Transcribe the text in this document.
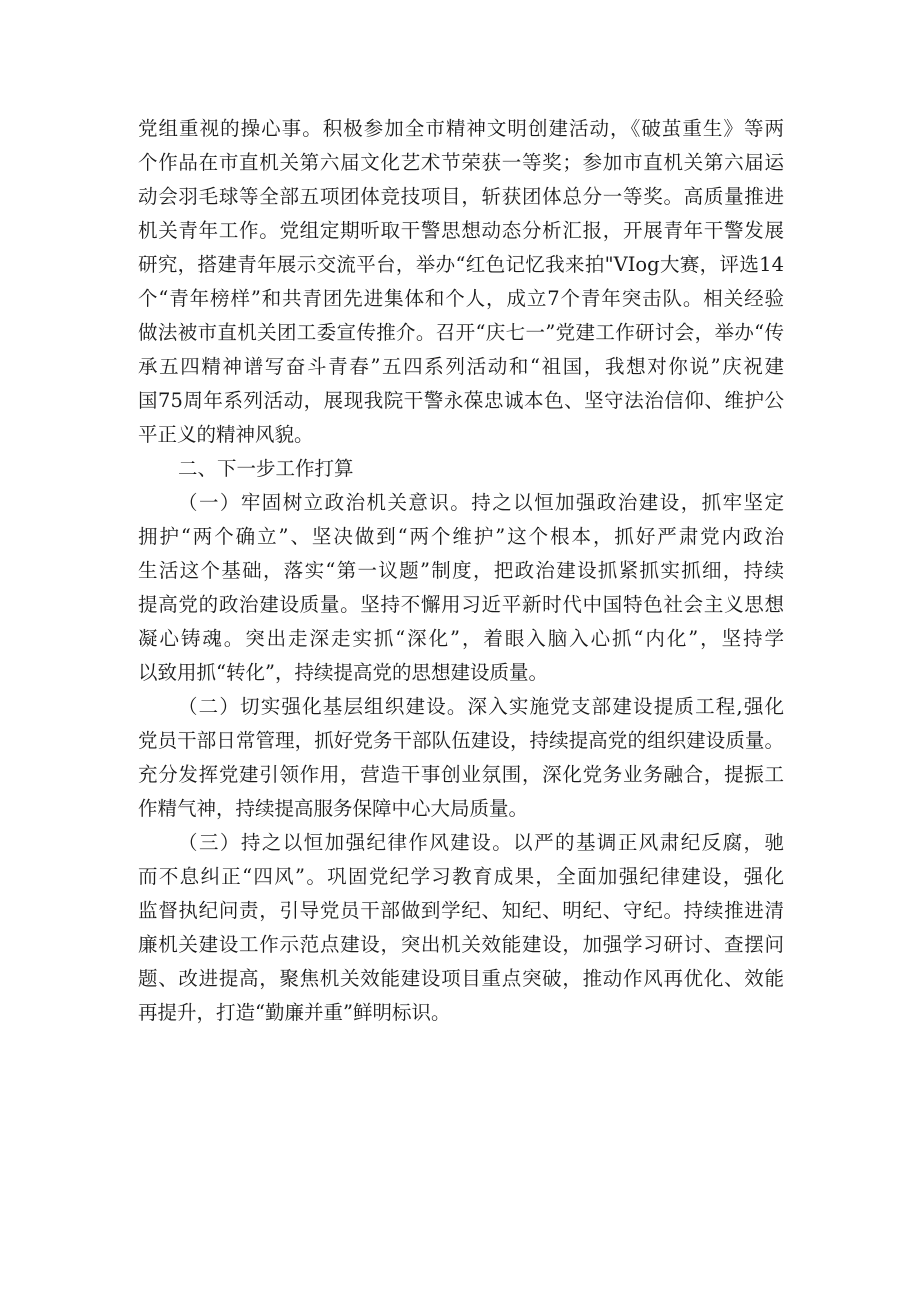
党组重视的操心事。积极参加全市精神文明创建活动，《破茧重生》等两
个作品在市直机关第六届文化艺术节荣获一等奖；参加市直机关第六届运
动会羽毛球等全部五项团体竞技项目，斩获团体总分一等奖。高质量推进
机关青年工作。党组定期听取干警思想动态分析汇报，开展青年干警发展
研究，搭建青年展示交流平台，举办“红色记忆我来拍"VIog大赛，评选14
个“青年榜样”和共青团先进集体和个人，成立7个青年突击队。相关经验
做法被市直机关团工委宣传推介。召开“庆七一”党建工作研讨会，举办“传
承五四精神谱写奋斗青春”五四系列活动和“祖国，我想对你说”庆祝建
国75周年系列活动，展现我院干警永葆忠诚本色、坚守法治信仰、维护公
平正义的精神风貌。
二、下一步工作打算
（一）牢固树立政治机关意识。持之以恒加强政治建设，抓牢坚定
拥护“两个确立”、坚决做到“两个维护”这个根本，抓好严肃党内政治
生活这个基础，落实“第一议题”制度，把政治建设抓紧抓实抓细，持续
提高党的政治建设质量。坚持不懈用习近平新时代中国特色社会主义思想
凝心铸魂。突出走深走实抓“深化”，着眼入脑入心抓“内化”，坚持学
以致用抓“转化”，持续提高党的思想建设质量。
（二）切实强化基层组织建设。深入实施党支部建设提质工程,强化
党员干部日常管理，抓好党务干部队伍建设，持续提高党的组织建设质量。
充分发挥党建引领作用，营造干事创业氛围，深化党务业务融合，提振工
作精气神，持续提高服务保障中心大局质量。
（三）持之以恒加强纪律作风建设。以严的基调正风肃纪反腐，驰
而不息纠正“四风”。巩固党纪学习教育成果，全面加强纪律建设，强化
监督执纪问责，引导党员干部做到学纪、知纪、明纪、守纪。持续推进清
廉机关建设工作示范点建设，突出机关效能建设，加强学习研讨、查摆问
题、改进提高，聚焦机关效能建设项目重点突破，推动作风再优化、效能
再提升，打造“勤廉并重”鲜明标识。
